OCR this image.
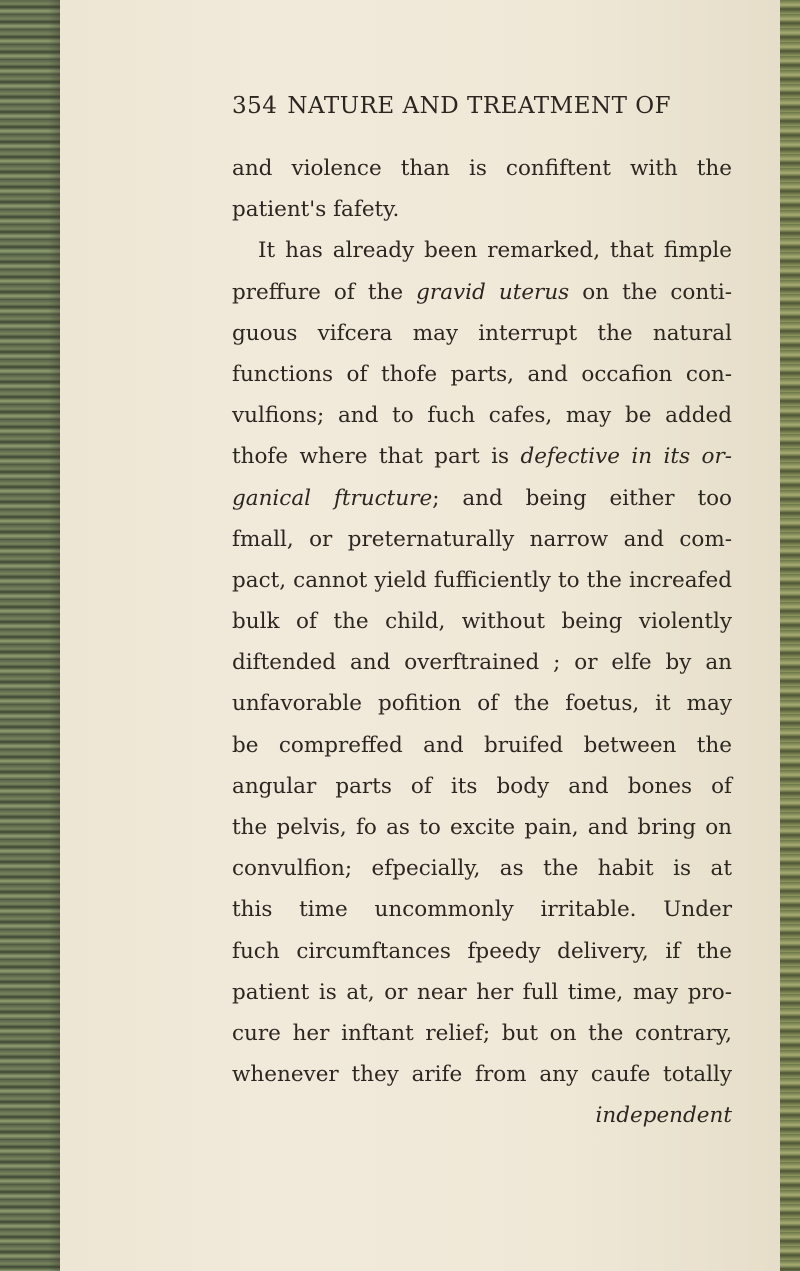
354 NATURE AND TREATMENT OF
and violence than is confiftent with the
patient's fafety.
It has already been remarked, that fimple
preffure of the gravid uterus on the conti-
guous vifcera may interrupt the natural
functions of thofe parts, and occafion con-
vulfions; and to fuch cafes, may be added
thofe where that part is defective in its or-
ganical ftructure; and being either too
fmall, or preternaturally narrow and com-
pact, cannot yield fufficiently to the increafed
bulk of the child, without being violently
diftended and overftrained ; or elfe by an
unfavorable pofition of the foetus, it may
be compreffed and bruifed between the
angular parts of its body and bones of
the pelvis, fo as to excite pain, and bring on
convulfion; efpecially, as the habit is at
this time uncommonly irritable. Under
fuch circumftances fpeedy delivery, if the
patient is at, or near her full time, may pro-
cure her inftant relief; but on the contrary,
whenever they arife from any caufe totally
independent
